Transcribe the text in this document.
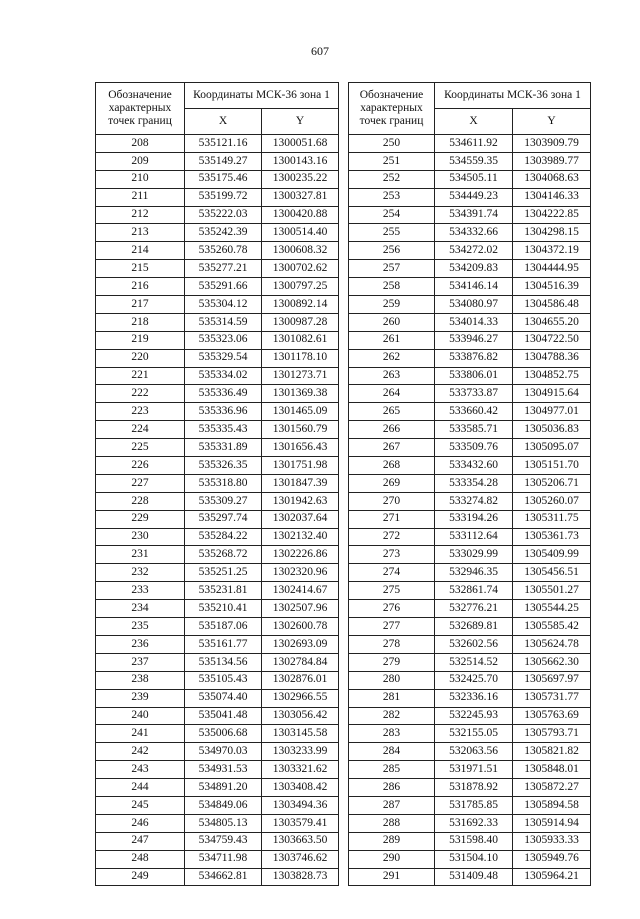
607
Обозначение характерных точек границ	Координаты МСК-36 зона 1	
	X	Y
208	535121.16	1300051.68
209	535149.27	1300143.16
210	535175.46	1300235.22
211	535199.72	1300327.81
212	535222.03	1300420.88
213	535242.39	1300514.40
214	535260.78	1300608.32
215	535277.21	1300702.62
216	535291.66	1300797.25
217	535304.12	1300892.14
218	535314.59	1300987.28
219	535323.06	1301082.61
220	535329.54	1301178.10
221	535334.02	1301273.71
222	535336.49	1301369.38
223	535336.96	1301465.09
224	535335.43	1301560.79
225	535331.89	1301656.43
226	535326.35	1301751.98
227	535318.80	1301847.39
228	535309.27	1301942.63
229	535297.74	1302037.64
230	535284.22	1302132.40
231	535268.72	1302226.86
232	535251.25	1302320.96
233	535231.81	1302414.67
234	535210.41	1302507.96
235	535187.06	1302600.78
236	535161.77	1302693.09
237	535134.56	1302784.84
238	535105.43	1302876.01
239	535074.40	1302966.55
240	535041.48	1303056.42
241	535006.68	1303145.58
242	534970.03	1303233.99
243	534931.53	1303321.62
244	534891.20	1303408.42
245	534849.06	1303494.36
246	534805.13	1303579.41
247	534759.43	1303663.50
248	534711.98	1303746.62
249	534662.81	1303828.73
Обозначение характерных точек границ	Координаты МСК-36 зона 1	
	X	Y
250	534611.92	1303909.79
251	534559.35	1303989.77
252	534505.11	1304068.63
253	534449.23	1304146.33
254	534391.74	1304222.85
255	534332.66	1304298.15
256	534272.02	1304372.19
257	534209.83	1304444.95
258	534146.14	1304516.39
259	534080.97	1304586.48
260	534014.33	1304655.20
261	533946.27	1304722.50
262	533876.82	1304788.36
263	533806.01	1304852.75
264	533733.87	1304915.64
265	533660.42	1304977.01
266	533585.71	1305036.83
267	533509.76	1305095.07
268	533432.60	1305151.70
269	533354.28	1305206.71
270	533274.82	1305260.07
271	533194.26	1305311.75
272	533112.64	1305361.73
273	533029.99	1305409.99
274	532946.35	1305456.51
275	532861.74	1305501.27
276	532776.21	1305544.25
277	532689.81	1305585.42
278	532602.56	1305624.78
279	532514.52	1305662.30
280	532425.70	1305697.97
281	532336.16	1305731.77
282	532245.93	1305763.69
283	532155.05	1305793.71
284	532063.56	1305821.82
285	531971.51	1305848.01
286	531878.92	1305872.27
287	531785.85	1305894.58
288	531692.33	1305914.94
289	531598.40	1305933.33
290	531504.10	1305949.76
291	531409.48	1305964.21
